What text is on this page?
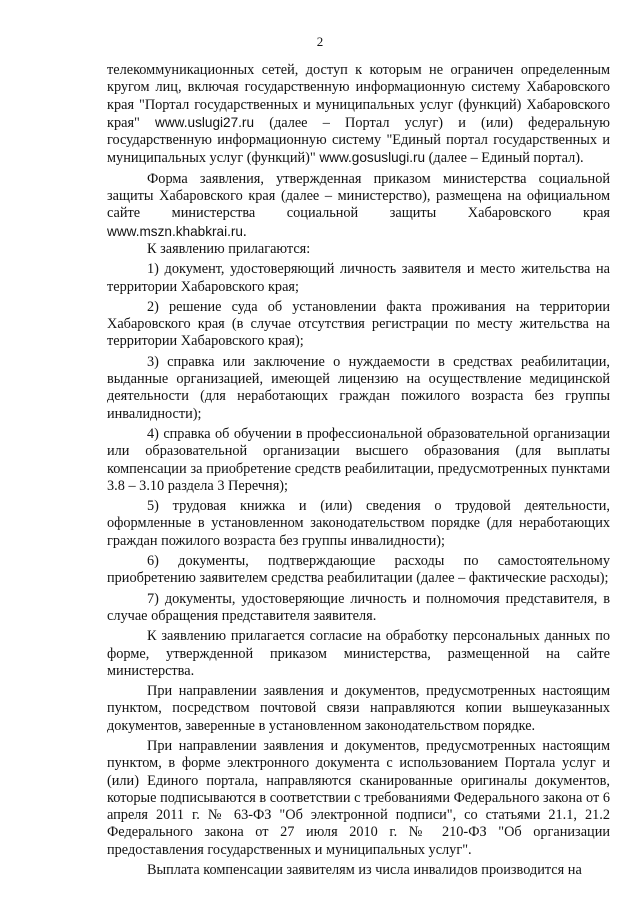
2

телекоммуникационных сетей, доступ к которым не ограничен определенным кругом лиц, включая государственную информационную систему Хабаровского края "Портал государственных и муниципальных услуг (функций) Хабаровского края" www.uslugi27.ru (далее – Портал услуг) и (или) федеральную государственную информационную систему "Единый портал государственных и муниципальных услуг (функций)" www.gosuslugi.ru (далее – Единый портал).

Форма заявления, утвержденная приказом министерства социальной защиты Хабаровского края (далее – министерство), размещена на официальном сайте министерства социальной защиты Хабаровского края www.mszn.khabkrai.ru.

К заявлению прилагаются:

1) документ, удостоверяющий личность заявителя и место жительства на территории Хабаровского края;

2) решение суда об установлении факта проживания на территории Хабаровского края (в случае отсутствия регистрации по месту жительства на территории Хабаровского края);

3) справка или заключение о нуждаемости в средствах реабилитации, выданные организацией, имеющей лицензию на осуществление медицинской деятельности (для неработающих граждан пожилого возраста без группы инвалидности);

4) справка об обучении в профессиональной образовательной организации или образовательной организации высшего образования (для выплаты компенсации за приобретение средств реабилитации, предусмотренных пунктами 3.8 – 3.10 раздела 3 Перечня);

5) трудовая книжка и (или) сведения о трудовой деятельности, оформленные в установленном законодательством порядке (для неработающих граждан пожилого возраста без группы инвалидности);

6) документы, подтверждающие расходы по самостоятельному приобретению заявителем средства реабилитации (далее – фактические расходы);

7) документы, удостоверяющие личность и полномочия представителя, в случае обращения представителя заявителя.

К заявлению прилагается согласие на обработку персональных данных по форме, утвержденной приказом министерства, размещенной на сайте министерства.

При направлении заявления и документов, предусмотренных настоящим пунктом, посредством почтовой связи направляются копии вышеуказанных документов, заверенные в установленном законодательством порядке.

При направлении заявления и документов, предусмотренных настоящим пунктом, в форме электронного документа с использованием Портала услуг и (или) Единого портала, направляются сканированные оригиналы документов, которые подписываются в соответствии с требованиями Федерального закона от 6 апреля 2011 г. № 63-ФЗ "Об электронной подписи", со статьями 21.1, 21.2 Федерального закона от 27 июля 2010 г. № 210-ФЗ "Об организации предоставления государственных и муниципальных услуг".

Выплата компенсации заявителям из числа инвалидов производится на
